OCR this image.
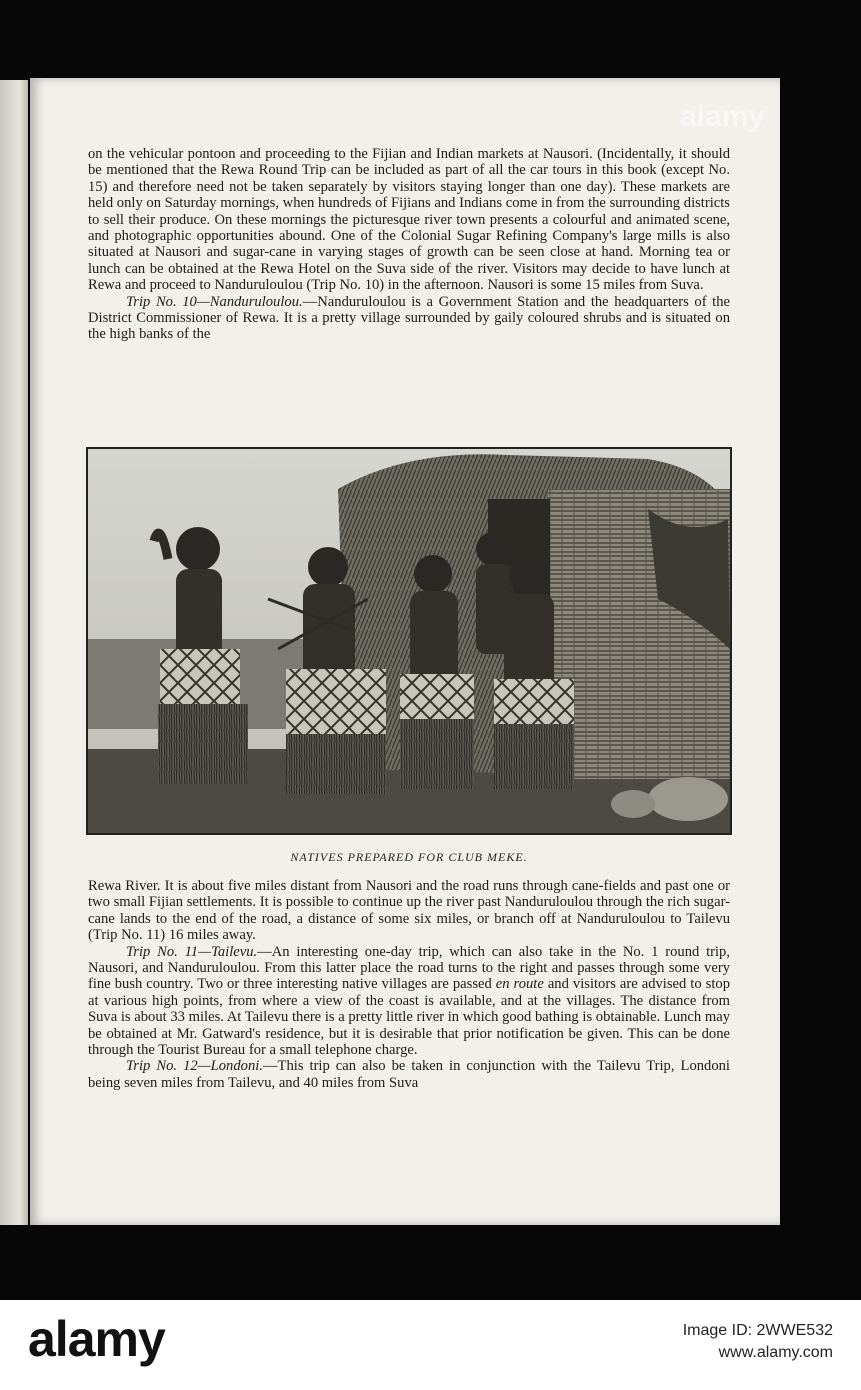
on the vehicular pontoon and proceeding to the Fijian and Indian markets at Nausori. (Incidentally, it should be mentioned that the Rewa Round Trip can be included as part of all the car tours in this book (except No. 15) and therefore need not be taken separately by visitors staying longer than one day). These markets are held only on Saturday mornings, when hundreds of Fijians and Indians come in from the surrounding districts to sell their produce. On these mornings the picturesque river town presents a colourful and animated scene, and photographic opportunities abound. One of the Colonial Sugar Refining Company's large mills is also situated at Nausori and sugar-cane in varying stages of growth can be seen close at hand. Morning tea or lunch can be obtained at the Rewa Hotel on the Suva side of the river. Visitors may decide to have lunch at Rewa and proceed to Nanduruloulou (Trip No. 10) in the afternoon. Nausori is some 15 miles from Suva.

Trip No. 10—Nanduruloulou.—Nanduruloulou is a Government Station and the headquarters of the District Commissioner of Rewa. It is a pretty village surrounded by gaily coloured shrubs and is situated on the high banks of the

NATIVES PREPARED FOR CLUB MEKE.

Rewa River. It is about five miles distant from Nausori and the road runs through cane-fields and past one or two small Fijian settlements. It is possible to continue up the river past Nanduruloulou through the rich sugar-cane lands to the end of the road, a distance of some six miles, or branch off at Nanduruloulou to Tailevu (Trip No. 11) 16 miles away.

Trip No. 11—Tailevu.—An interesting one-day trip, which can also take in the No. 1 round trip, Nausori, and Nanduruloulou. From this latter place the road turns to the right and passes through some very fine bush country. Two or three interesting native villages are passed en route and visitors are advised to stop at various high points, from where a view of the coast is available, and at the villages. The distance from Suva is about 33 miles. At Tailevu there is a pretty little river in which good bathing is obtainable. Lunch may be obtained at Mr. Gatward's residence, but it is desirable that prior notification be given. This can be done through the Tourist Bureau for a small telephone charge.

Trip No. 12—Londoni.—This trip can also be taken in conjunction with the Tailevu Trip, Londoni being seven miles from Tailevu, and 40 miles from Suva

alamy
alamy	Image ID: 2WWE532
www.alamy.com
